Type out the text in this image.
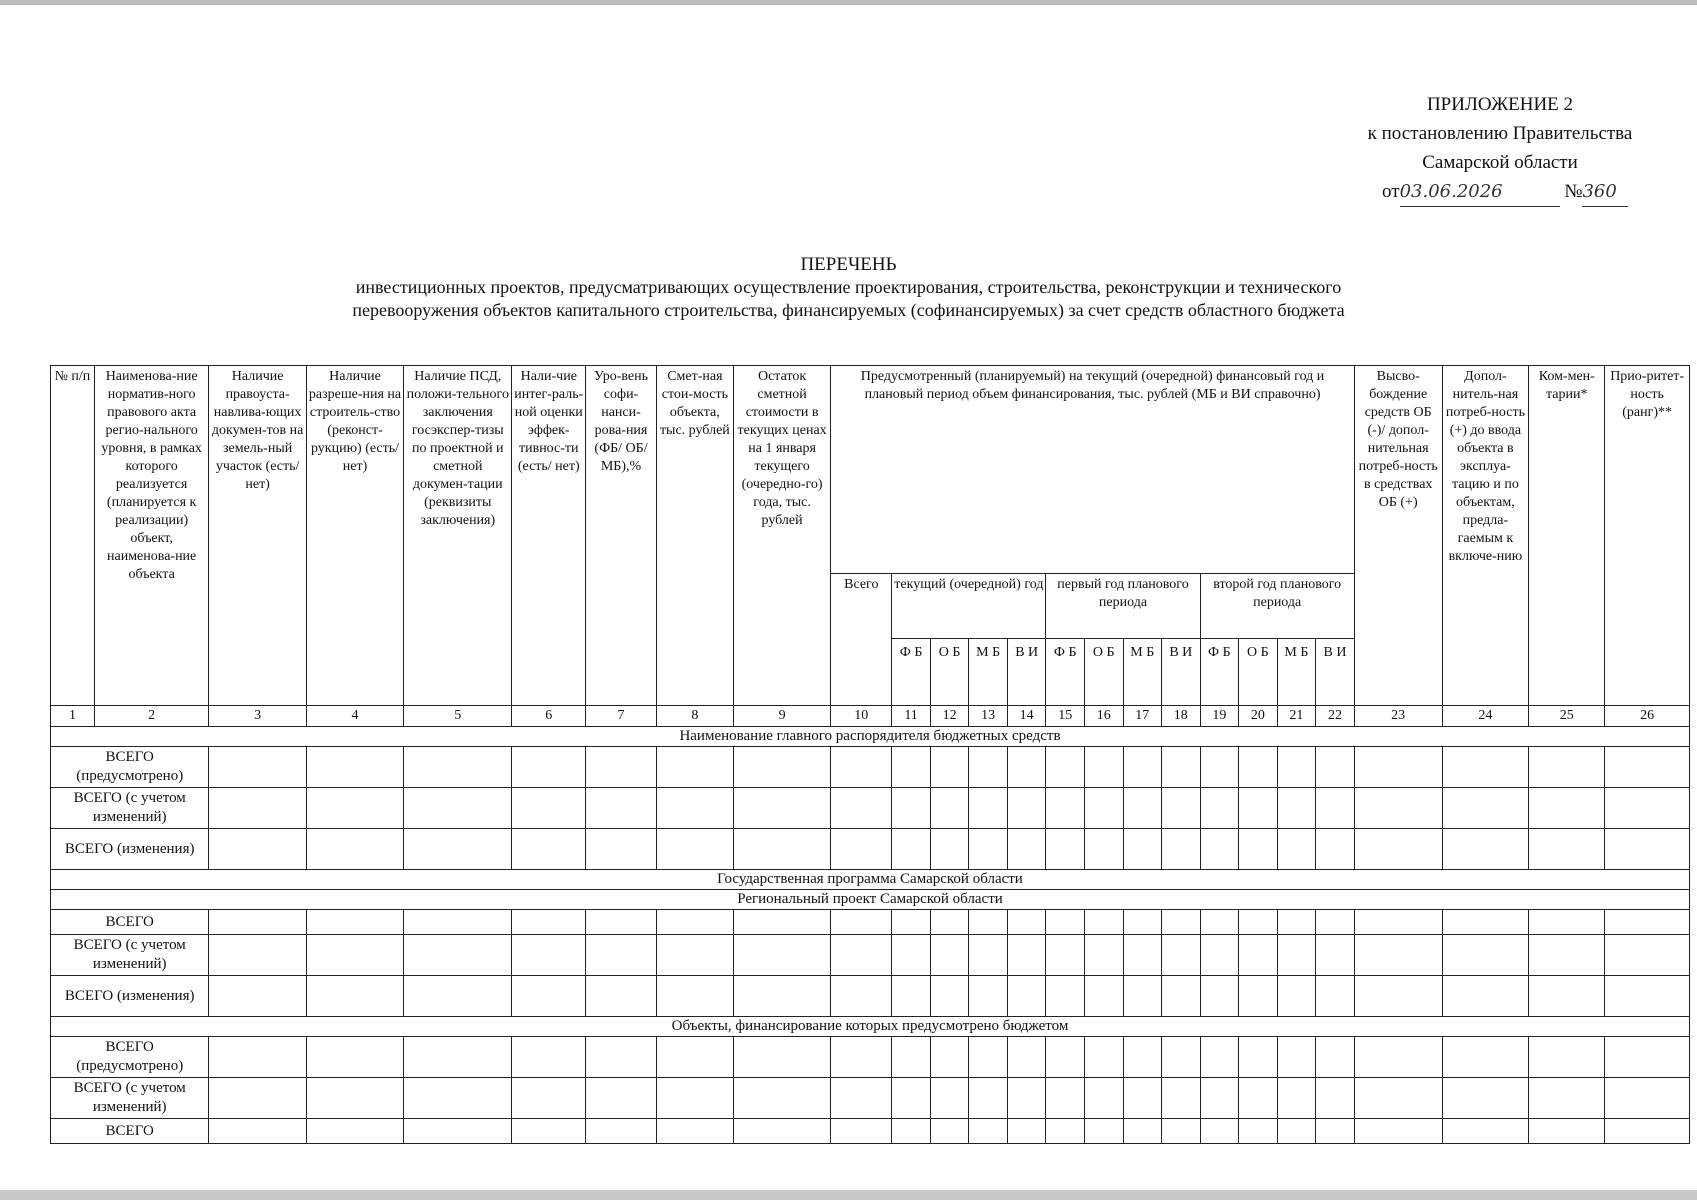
ПРИЛОЖЕНИЕ 2
к постановлению Правительства
Самарской области
от03.06.2026	№360
ПЕРЕЧЕНЬ
инвестиционных проектов, предусматривающих осуществление проектирования, строительства, реконструкции и технического
перевооружения объектов капитального строительства, финансируемых (софинансируемых) за счет средств областного бюджета
№ п/п	Наименова-ние норматив-ного правового акта регио-нального уровня, в рамках которого реализуется (планируется к реализации) объект, наименова-ние объекта	Наличие правоуста-навлива-ющих докумен-тов на земель-ный участок (есть/нет)	Наличие разреше-ния на строитель-ство (реконст-рукцию) (есть/нет)	Наличие ПСД, положи-тельного заключения госэкспер-тизы по проектной и сметной докумен-тации (реквизиты заключения)	Нали-чие интег-раль-ной оценки эффек-тивнос-ти (есть/ нет)	Уро-вень софи-нанси-рова-ния (ФБ/ ОБ/ МБ),%	Смет-ная стои-мость объекта, тыс. рублей	Остаток сметной стоимости в текущих ценах на 1 января текущего (очередно-го) года, тыс. рублей	Предусмотренный (планируемый) на текущий (очередной) финансовый год и плановый период объем финансирования, тыс. рублей (МБ и ВИ справочно)													Высво-бождение средств ОБ (-)/ допол-нительная потреб-ность в средствах ОБ (+)	Допол-нитель-ная потреб-ность (+) до ввода объекта в эксплуа-тацию и по объектам, предла-гаемым к включе-нию	Ком-мен-тарии*	Прио-ритет-ность (ранг)**
									Всего	текущий (очередной) год				первый год планового периода				второй год планового периода							
										Ф Б	О Б	М Б	В И	Ф Б	О Б	М Б	В И	Ф Б	О Б	М Б	В И				
1	2	3	4	5	6	7	8	9	10	11	12	13	14	15	16	17	18	19	20	21	22	23	24	25	26
Наименование главного распорядителя бюджетных средств																									
ВСЕГО (предусмотрено)																									
ВСЕГО (с учетом изменений)																									
ВСЕГО (изменения)																									
Государственная программа Самарской области																									
Региональный проект Самарской области																									
ВСЕГО																									
ВСЕГО (с учетом изменений)																									
ВСЕГО (изменения)																									
Объекты, финансирование которых предусмотрено бюджетом																									
ВСЕГО (предусмотрено)																									
ВСЕГО (с учетом изменений)																									
ВСЕГО																									
